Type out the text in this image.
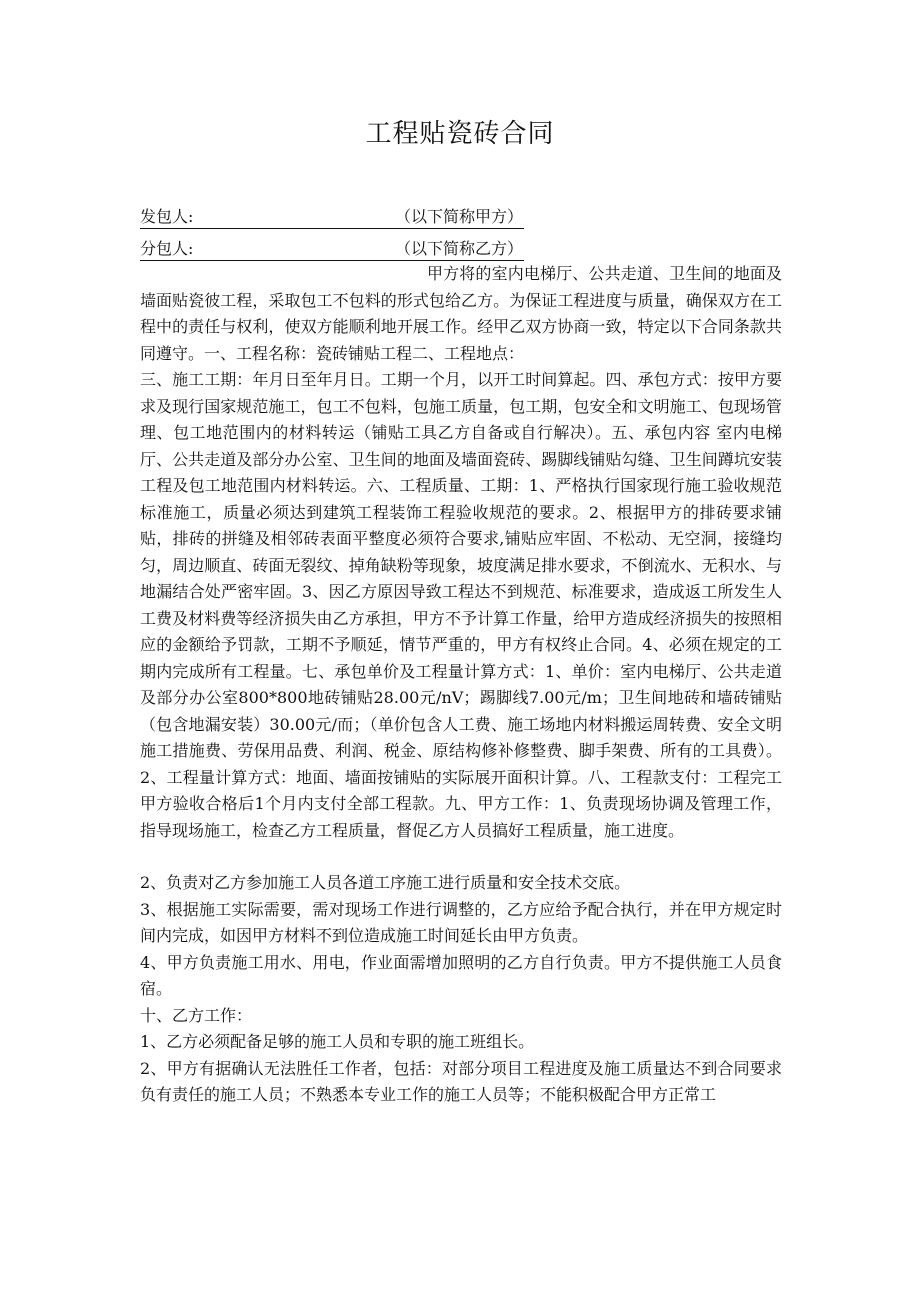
工程贴瓷砖合同
发包人:	（以下简称甲方）
分包人:	（以下简称乙方）

甲方将的室内电梯厅、公共走道、卫生间的地面及墙面贴瓷彼工程，采取包工不包料的形式包给乙方。为保证工程进度与质量，确保双方在工程中的责任与权利，使双方能顺利地开展工作。经甲乙双方协商一致，特定以下合同条款共同遵守。一、工程名称：瓷砖铺贴工程二、工程地点：

三、施工工期：年月日至年月日。工期一个月，以开工时间算起。四、承包方式：按甲方要求及现行国家规范施工，包工不包料，包施工质量，包工期，包安全和文明施工、包现场管理、包工地范围内的材料转运（铺贴工具乙方自备或自行解决）。五、承包内容 室内电梯厅、公共走道及部分办公室、卫生间的地面及墙面瓷砖、踢脚线铺贴勾缝、卫生间蹲坑安装工程及包工地范围内材料转运。六、工程质量、工期：1、严格执行国家现行施工验收规范标准施工，质量必须达到建筑工程装饰工程验收规范的要求。2、根据甲方的排砖要求铺贴，排砖的拼缝及相邻砖表面平整度必须符合要求,铺贴应牢固、不松动、无空洞，接缝均匀，周边顺直、砖面无裂纹、掉角缺粉等现象，坡度满足排水要求，不倒流水、无积水、与地漏结合处严密牢固。3、因乙方原因导致工程达不到规范、标准要求，造成返工所发生人工费及材料费等经济损失由乙方承担，甲方不予计算工作量，给甲方造成经济损失的按照相应的金额给予罚款，工期不予顺延，情节严重的，甲方有权终止合同。4、必须在规定的工期内完成所有工程量。七、承包单价及工程量计算方式：1、单价：室内电梯厅、公共走道及部分办公室800*800地砖铺贴28.00元/nV；踢脚线7.00元/m；卫生间地砖和墙砖铺贴（包含地漏安装）30.00元/而；（单价包含人工费、施工场地内材料搬运周转费、安全文明施工措施费、劳保用品费、利润、税金、原结构修补修整费、脚手架费、所有的工具费）。2、工程量计算方式：地面、墙面按铺贴的实际展开面积计算。八、工程款支付：工程完工甲方验收合格后1个月内支付全部工程款。九、甲方工作：1、负责现场协调及管理工作，指导现场施工，检查乙方工程质量，督促乙方人员搞好工程质量，施工进度。

2、负责对乙方参加施工人员各道工序施工进行质量和安全技术交底。

3、根据施工实际需要，需对现场工作进行调整的，乙方应给予配合执行，并在甲方规定时间内完成，如因甲方材料不到位造成施工时间延长由甲方负责。

4、甲方负责施工用水、用电，作业面需增加照明的乙方自行负责。甲方不提供施工人员食宿。

十、乙方工作：

1、乙方必须配备足够的施工人员和专职的施工班组长。

2、甲方有据确认无法胜任工作者，包括：对部分项目工程进度及施工质量达不到合同要求负有责任的施工人员；不熟悉本专业工作的施工人员等；不能积极配合甲方正常工
